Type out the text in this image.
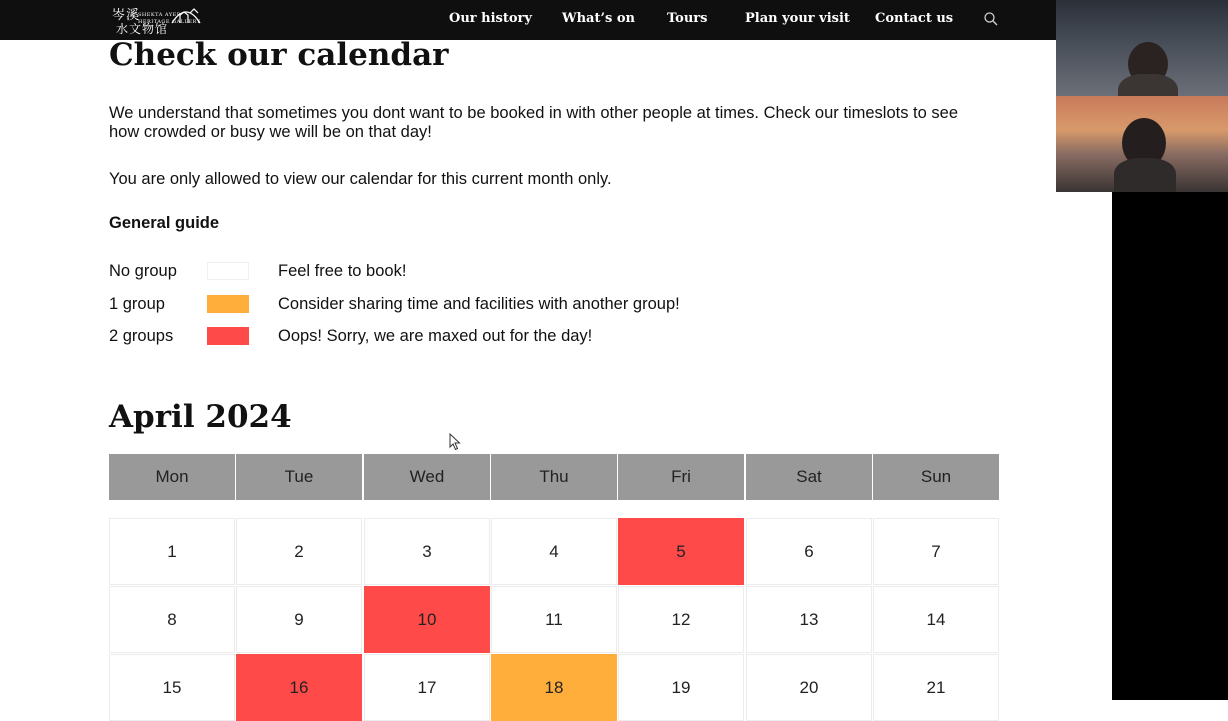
岑溪
水文物馆
SHEKTA AYER
HERITAGE GALLERY	Our history What’s on Tours	Plan your visit Contact us
Check our calendar

We understand that sometimes you dont want to be booked in with other people at times. Check our timeslots to see

how crowded or busy we will be on that day!

You are only allowed to view our calendar for this current month only.

General guide

No group	Feel free to book!
1 group	Consider sharing time and facilities with another group!
2 groups	Oops! Sorry, we are maxed out for the day!
April 2024
Mon	Tue	Wed	Thu	Fri	Sat	Sun
1	2	3	4	5	6	7
8	9	10	11	12	13	14
15	16	17	18	19	20	21
